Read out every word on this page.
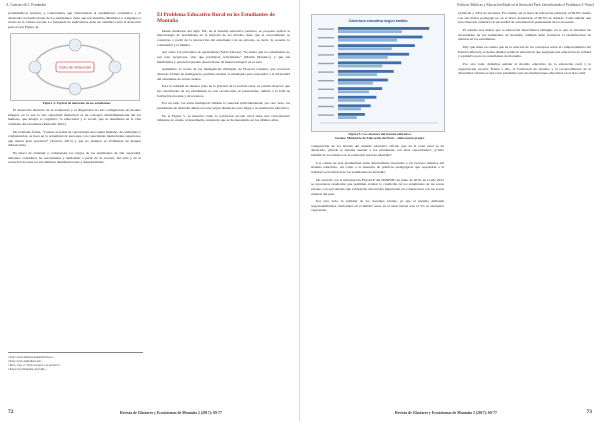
A. Guerrero & J. Fernández

problemáticos internos y contextuales que obstaculizan el rendimiento académico y el desarrollo socioemocional de los estudiantes, dado que son sistemas dinámicos y complejos a través de la cultura escolar. La búsqueda de indicadores debe ser sistémica para la detección precoz (ver Figura 4).

Ciclo de detección

Figura 4: Espiral de detección de los estudiantes.

El desarrollo histórico de la evaluación y el diagnóstico ha ido configurando un modelo integral, en la que la alta capacidad intelectual es un concepto multidimensional del ser humano, que integra lo cognitivo, lo emocional y lo social, que se manifiesta en la vida cotidiana del estudiante (Renzulli, 2012).

De la misma forma, “Cuando se habla de capacidades del capital humano, de cualidades y competencias, se hace en la actualidad de personas con capacidades intelectuales superiores, que tienen gran potencial” (Tourón, 2015) y que no siempre se visibilizan de manera diferenciada.

En busca de entender y comprender los rasgos de los estudiantes de alta capacidad, debemos considerar las necesidades y demandas a partir de la escuela, del aula y de la actuación docente en sus distintas manifestaciones y singularidades.

¹ http://www.fundacionjuanmarch.es/...
² http://www.slideshare.net/...
³ Ibid., Cap. 2. “Del concepto a la práctica”.
⁴ https://es.wikipedia.org/wiki/...
El Problema Educativo Rural en los Estudiantes de Montaña

Desde mediados del siglo XX, en el sistema educativo peruano, se propone aplicar la metodología de aprendizaje en la mayoría de los niveles, dado que el conocimiento se construye a partir de la interacción del estudiante con su entorno, es decir, la escuela, la comunidad y la familia.

Así como los principios de aprendizaje (Sobre Dewey) “Se sienta que los estudiantes no son solo receptores, sino que participan activamente” (Martín Montero), y que sus habilidades y potencial pueden desarrollarse de manera integral en el aula.

Asimismo, la teoría de las inteligencias múltiples de Howard Gardner, que reconoce diversas formas de inteligencia, permite orientar la enseñanza para responder a la diversidad del estudiante de zonas rurales.

Para la realidad de nuestro país, en la práctica de la escuela rural, es común observar que las capacidades de los estudiantes no son reconocidas ni potenciadas, debido a la falta de formación docente y de recursos.

Por un lado, las aulas multigrado limitan la atención individualizada; por otro lado, los estudiantes de montaña deben recorrer largas distancias para llegar a su institución educativa.

En la Figura 5, se muestra cómo la población escolar rural tiene una característica diferente en cuanto al desempeño, tendencia que se ha mantenido en los últimos años.

Revista de Glaciares y Ecosistemas de Montaña 2 (2017): 69-77
72
Políticas Públicas y Educación Rural en la Sierra del Perú: Identificando el Problema (1ª Parte)
Cobertura educativa según ámbito

Figura 5: Los alcances del sistema educativo.

Fuente: Ministerio de Educación del Perú – elaboración propia.

comparación de los niveles del sistema educativo oficial, que en la zona rural se ha destacado, ¿Puede el sistema atender a los estudiantes con altas capacidades?, ¿Cómo identificar los talentos en la población rural de montaña?

Las causas de esta anomalidad están directamente asociadas a los factores internos del sistema educativo, así como a la ausencia de políticas pedagógicas que respondan a la realidad sociocultural de los estudiantes de montaña.

De acuerdo con la información ESCALE del MINEDU de junio de 2016, en el año 2015 se reportaron resultados que permiten evaluar la condición de los estudiantes de las zonas rurales, con porcentajes que evidencian una brecha importante en comparación con las zonas urbanas del país.

Por otro lado, la realidad de los docentes rurales, ya que el sistema demanda responsabilidades adicionales en el ámbito rural, en el nivel inicial solo el 5% se encuentra capacitado.

en Inicial y 4.8% de docentes. En cambio, en el nivel de educación primaria, el 96.8% cuenta con sus títulos pedagógicos, en el nivel secundaria, el 88.3% es titulado. Cabe señalar que esta situación evidencia la necesidad de actualización permanente de los docentes.

El estudio nos indica que la educación intercultural bilingüe, en la que se atienden las necesidades de los estudiantes de montaña, también debe fortalecer la identificación de talentos en los estudiantes.

Hay que tener en cuenta que en la relación de los conceptos sobre el comportamiento del Estado (Oficial), se deben diseñar políticas educativas que aseguren una educación de calidad y equitativa para los estudiantes de montaña.

Por otro lado, debemos señalar el modelo educativo de la educación rural y la organización escolar. Frente a ello, la formación de talentos y el reconocimiento de la diversidad cultural es una tarea pendiente para las instituciones educativas en el área rural.

Revista de Glaciares y Ecosistemas de Montaña 2 (2017): 69-77	73
